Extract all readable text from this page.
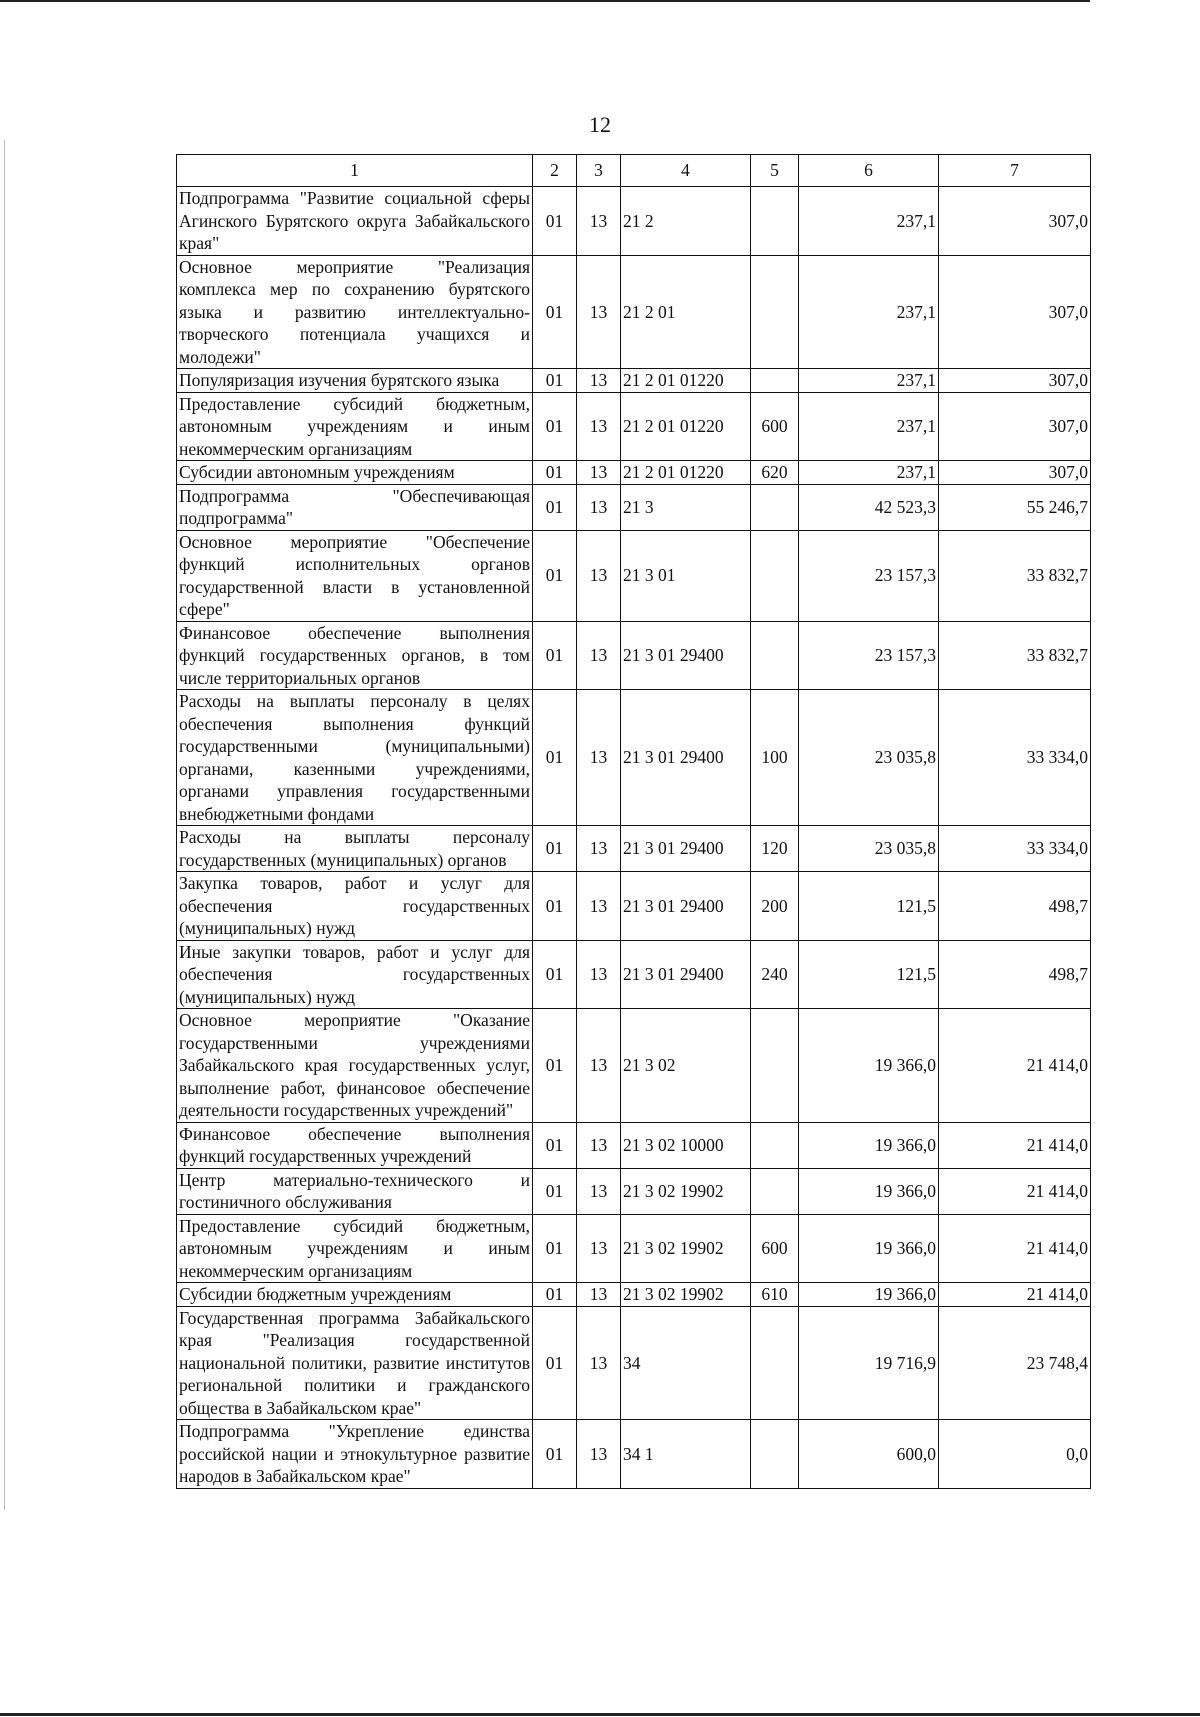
12
1	2	3	4	5	6	7
Подпрограмма "Развитие социальной сферы Агинского Бурятского округа Забайкальского края"	01	13	21 2		237,1	307,0
Основное мероприятие "Реализация комплекса мер по сохранению бурятского языка и развитию интеллектуально-творческого потенциала учащихся и молодежи"	01	13	21 2 01		237,1	307,0
Популяризация изучения бурятского языка	01	13	21 2 01 01220		237,1	307,0
Предоставление субсидий бюджетным, автономным учреждениям и иным некоммерческим организациям	01	13	21 2 01 01220	600	237,1	307,0
Субсидии автономным учреждениям	01	13	21 2 01 01220	620	237,1	307,0
Подпрограмма "Обеспечивающая подпрограмма"	01	13	21 3		42 523,3	55 246,7
Основное мероприятие "Обеспечение функций исполнительных органов государственной власти в установленной сфере"	01	13	21 3 01		23 157,3	33 832,7
Финансовое обеспечение выполнения функций государственных органов, в том числе территориальных органов	01	13	21 3 01 29400		23 157,3	33 832,7
Расходы на выплаты персоналу в целях обеспечения выполнения функций государственными (муниципальными) органами, казенными учреждениями, органами управления государственными внебюджетными фондами	01	13	21 3 01 29400	100	23 035,8	33 334,0
Расходы на выплаты персоналу государственных (муниципальных) органов	01	13	21 3 01 29400	120	23 035,8	33 334,0
Закупка товаров, работ и услуг для обеспечения государственных (муниципальных) нужд	01	13	21 3 01 29400	200	121,5	498,7
Иные закупки товаров, работ и услуг для обеспечения государственных (муниципальных) нужд	01	13	21 3 01 29400	240	121,5	498,7
Основное мероприятие "Оказание государственными учреждениями Забайкальского края государственных услуг, выполнение работ, финансовое обеспечение деятельности государственных учреждений"	01	13	21 3 02		19 366,0	21 414,0
Финансовое обеспечение выполнения функций государственных учреждений	01	13	21 3 02 10000		19 366,0	21 414,0
Центр материально-технического и гостиничного обслуживания	01	13	21 3 02 19902		19 366,0	21 414,0
Предоставление субсидий бюджетным, автономным учреждениям и иным некоммерческим организациям	01	13	21 3 02 19902	600	19 366,0	21 414,0
Субсидии бюджетным учреждениям	01	13	21 3 02 19902	610	19 366,0	21 414,0
Государственная программа Забайкальского края "Реализация государственной национальной политики, развитие институтов региональной политики и гражданского общества в Забайкальском крае"	01	13	34		19 716,9	23 748,4
Подпрограмма "Укрепление единства российской нации и этнокультурное развитие народов в Забайкальском крае"	01	13	34 1		600,0	0,0
